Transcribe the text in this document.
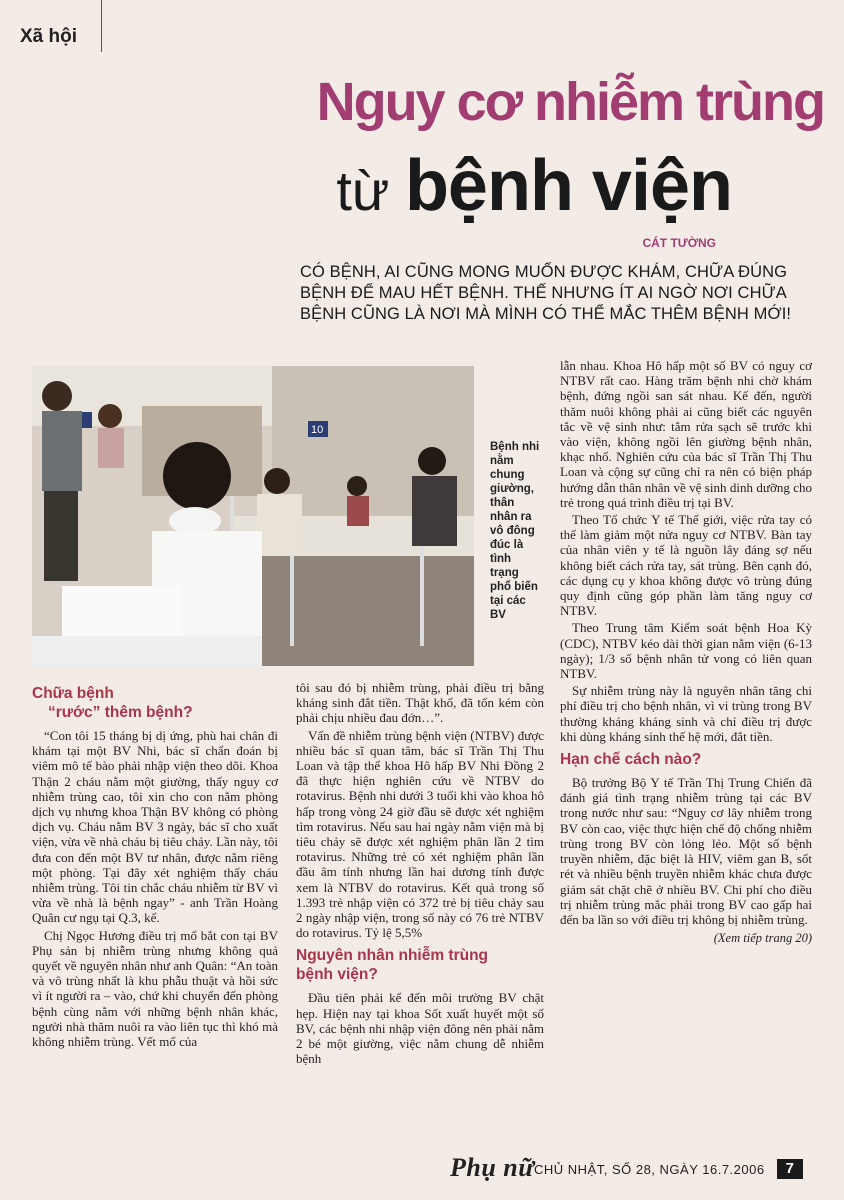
Xã hội
Nguy cơ nhiễm trùng
từ bệnh viện
CÁT TƯỜNG

CÓ BỆNH, AI CŨNG MONG MUỐN ĐƯỢC KHÁM, CHỮA ĐÚNG

BỆNH ĐỂ MAU HẾT BỆNH. THẾ NHƯNG ÍT AI NGỜ NƠI CHỮA

BỆNH CŨNG LÀ NƠI MÀ MÌNH CÓ THỂ MẮC THÊM BỆNH MỚI!

10
Bệnh nhi nằm chung giường, thân nhân ra vô đông đúc là tình trạng phổ biến tại các BV
Chữa bệnh
“rước” thêm bệnh?

“Con tôi 15 tháng bị dị ứng, phù hai chân đi khám tại một BV Nhi, bác sĩ chẩn đoán bị viêm mô tế bào phải nhập viện theo dõi. Khoa Thận 2 cháu nằm một giường, thấy nguy cơ nhiễm trùng cao, tôi xin cho con nằm phòng dịch vụ nhưng khoa Thận BV không có phòng dịch vụ. Cháu nằm BV 3 ngày, bác sĩ cho xuất viện, vừa về nhà cháu bị tiêu chảy. Lần này, tôi đưa con đến một BV tư nhân, được nằm riêng một phòng. Tại đây xét nghiệm thấy cháu nhiễm trùng. Tôi tin chắc cháu nhiễm từ BV vì vừa về nhà là bệnh ngay” - anh Trần Hoàng Quân cư ngụ tại Q.3, kể.

Chị Ngọc Hương điều trị mổ bắt con tại BV Phụ sản bị nhiễm trùng nhưng không quả quyết về nguyên nhân như anh Quân: “An toàn và vô trùng nhất là khu phẫu thuật và hồi sức vì ít người ra – vào, chứ khi chuyển đến phòng bệnh cùng nằm với những bệnh nhân khác, người nhà thăm nuôi ra vào liên tục thì khó mà không nhiễm trùng. Vết mổ của

tôi sau đó bị nhiễm trùng, phải điều trị bằng kháng sinh đắt tiền. Thật khổ, đã tốn kém còn phải chịu nhiều đau đớn…”.

Vấn đề nhiễm trùng bệnh viện (NTBV) được nhiều bác sĩ quan tâm, bác sĩ Trần Thị Thu Loan và tập thể khoa Hô hấp BV Nhi Đồng 2 đã thực hiện nghiên cứu về NTBV do rotavirus. Bệnh nhi dưới 3 tuổi khi vào khoa hô hấp trong vòng 24 giờ đầu sẽ được xét nghiệm tìm rotavirus. Nếu sau hai ngày nằm viện mà bị tiêu chảy sẽ được xét nghiệm phân lần 2 tìm rotavirus. Những trẻ có xét nghiệm phân lần đầu âm tính nhưng lần hai dương tính được xem là NTBV do rotavirus. Kết quả trong số 1.393 trẻ nhập viện có 372 trẻ bị tiêu chảy sau 2 ngày nhập viện, trong số này có 76 trẻ NTBV do rotavirus. Tỷ lệ 5,5%

Nguyên nhân nhiễm trùng
bệnh viện?

Đầu tiên phải kể đến môi trường BV chật hẹp. Hiện nay tại khoa Sốt xuất huyết một số BV, các bệnh nhi nhập viện đông nên phải nằm 2 bé một giường, việc nằm chung dễ nhiễm bệnh

lẫn nhau. Khoa Hô hấp một số BV có nguy cơ NTBV rất cao. Hàng trăm bệnh nhi chờ khám bệnh, đứng ngồi san sát nhau. Kế đến, người thăm nuôi không phải ai cũng biết các nguyên tắc về vệ sinh như: tắm rửa sạch sẽ trước khi vào viện, không ngồi lên giường bệnh nhân, khạc nhổ. Nghiên cứu của bác sĩ Trần Thị Thu Loan và cộng sự cũng chỉ ra nên có biện pháp hướng dẫn thân nhân về vệ sinh dinh dưỡng cho trẻ trong quá trình điều trị tại BV.

Theo Tổ chức Y tế Thế giới, việc rửa tay có thể làm giảm một nửa nguy cơ NTBV. Bàn tay của nhân viên y tế là nguồn lây đáng sợ nếu không biết cách rửa tay, sát trùng. Bên cạnh đó, các dụng cụ y khoa không được vô trùng đúng quy định cũng góp phần làm tăng nguy cơ NTBV.

Theo Trung tâm Kiểm soát bệnh Hoa Kỳ (CDC), NTBV kéo dài thời gian nằm viện (6-13 ngày); 1/3 số bệnh nhân tử vong có liên quan NTBV.

Sự nhiễm trùng này là nguyên nhân tăng chi phí điều trị cho bệnh nhân, vì vi trùng trong BV thường kháng kháng sinh và chỉ điều trị được khi dùng kháng sinh thế hệ mới, đắt tiền.

Hạn chế cách nào?

Bộ trưởng Bộ Y tế Trần Thị Trung Chiến đã đánh giá tình trạng nhiễm trùng tại các BV trong nước như sau: “Nguy cơ lây nhiễm trong BV còn cao, việc thực hiện chế độ chống nhiễm trùng trong BV còn lỏng lẻo. Một số bệnh truyền nhiễm, đặc biệt là HIV, viêm gan B, sốt rét và nhiều bệnh truyền nhiễm khác chưa được giám sát chặt chẽ ở nhiều BV. Chi phí cho điều trị nhiễm trùng mắc phải trong BV cao gấp hai đến ba lần so với điều trị không bị nhiễm trùng.

(Xem tiếp trang 20)
Phụ nữ CHỦ NHẬT, SỐ 28, NGÀY 16.7.2006	7
